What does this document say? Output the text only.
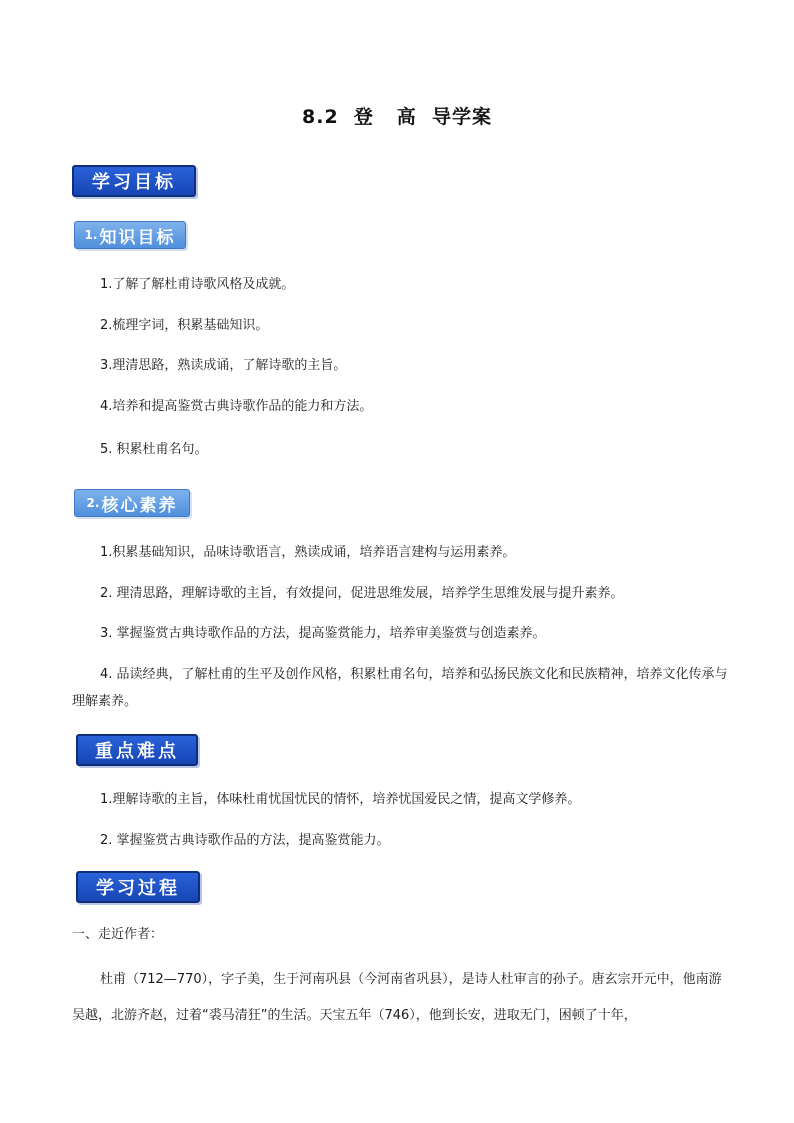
8.2  登   高  导学案
学习目标
1. 知识目标
1.了解了解杜甫诗歌风格及成就。
2.梳理字词，积累基础知识。
3.理清思路，熟读成诵，了解诗歌的主旨。
4.培养和提高鉴赏古典诗歌作品的能力和方法。
5. 积累杜甫名句。
2. 核心素养
1.积累基础知识，品味诗歌语言，熟读成诵，培养语言建构与运用素养。
2. 理清思路，理解诗歌的主旨，有效提问，促进思维发展，培养学生思维发展与提升素养。
3. 掌握鉴赏古典诗歌作品的方法，提高鉴赏能力，培养审美鉴赏与创造素养。
4. 品读经典，了解杜甫的生平及创作风格，积累杜甫名句，培养和弘扬民族文化和民族精神，培养文化传承与理解素养。
重点难点
1.理解诗歌的主旨，体味杜甫忧国忧民的情怀，培养忧国爱民之情，提高文学修养。
2. 掌握鉴赏古典诗歌作品的方法，提高鉴赏能力。
学习过程
一、走近作者：
杜甫（712—770），字子美，生于河南巩县（今河南省巩县），是诗人杜审言的孙子。唐玄宗开元中，他南游吴越，北游齐赵，过着“裘马清狂”的生活。天宝五年（746），他到长安，进取无门，困顿了十年，
